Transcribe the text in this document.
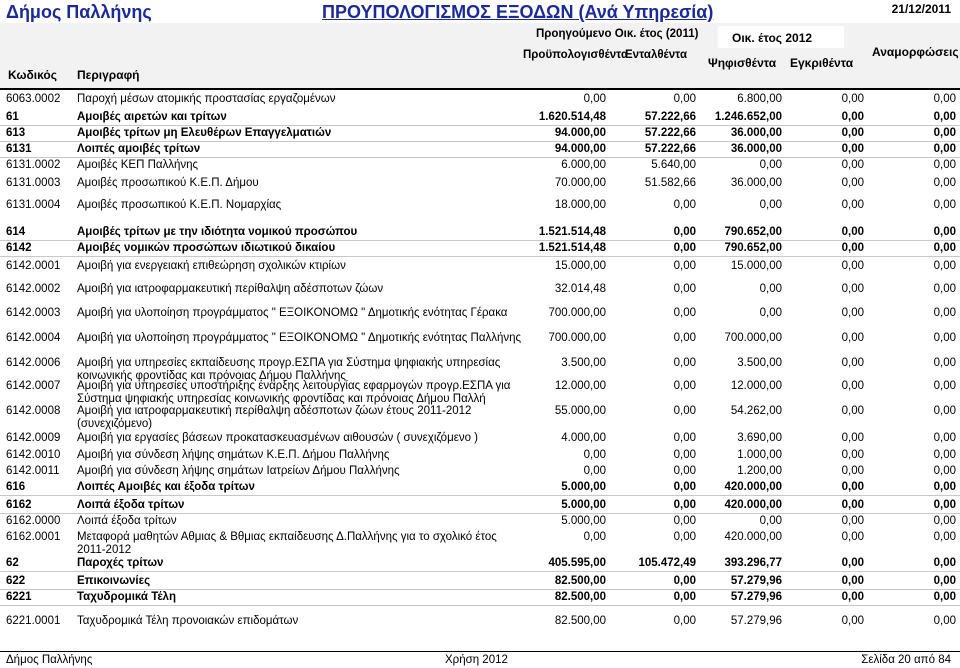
Δήμος Παλλήνης	ΠΡΟΥΠΟΛΟΓΙΣΜΟΣ ΕΞΟΔΩΝ (Ανά Υπηρεσία)	21/12/2011
Προηγούμενο Οικ. έτος (2011)	Οικ. έτος 2012
Κωδικός Περιγραφή
Προϋπολογισθέντα
Ενταλθέντα
Ψηφισθέντα Εγκριθέντα
Αναμορφώσεις
6063.0002 Παροχή μέσων ατομικής προστασίας εργαζομένων	0,00	0,00	6.800,00	0,00	0,00
61	Αμοιβές αιρετών και τρίτων	1.620.514,48	57.222,66	1.246.652,00	0,00	0,00
613	Αμοιβές τρίτων μη Ελευθέρων Επαγγελματιών	94.000,00	57.222,66	36.000,00	0,00	0,00
6131	Λοιπές αμοιβές τρίτων	94.000,00	57.222,66	36.000,00	0,00	0,00
6131.0002 Αμοιβές ΚΕΠ Παλλήνης	6.000,00	5.640,00	0,00	0,00	0,00
6131.0003 Αμοιβές προσωπικού Κ.Ε.Π. Δήμου	70.000,00	51.582,66	36.000,00	0,00	0,00
6131.0004 Αμοιβές προσωπικού Κ.Ε.Π. Νομαρχίας	18.000,00	0,00	0,00	0,00	0,00
614	Αμοιβές τρίτων με την ιδιότητα νομικού προσώπου	1.521.514,48	0,00	790.652,00	0,00	0,00
6142	Αμοιβές νομικών προσώπων ιδιωτικού δικαίου	1.521.514,48	0,00	790.652,00	0,00	0,00
6142.0001 Αμοιβή για ενεργειακή επιθεώρηση σχολικών κτιρίων	15.000,00	0,00	15.000,00	0,00	0,00
6142.0002 Αμοιβή για ιατροφαρμακευτική περίθαλψη αδέσποτων ζώων	32.014,48	0,00	0,00	0,00	0,00
6142.0003 Αμοιβή για υλοποίηση προγράμματος " ΕΞΟΙΚΟΝΟΜΩ " Δημοτικής ενότητας Γέρακα	700.000,00	0,00	0,00	0,00	0,00
6142.0004 Αμοιβή για υλοποίηση προγράμματος " ΕΞΟΙΚΟΝΟΜΩ " Δημοτικής ενότητας Παλλήνης	700.000,00	0,00	700.000,00	0,00	0,00
6142.0006 Αμοιβή για υπηρεσίες εκπαίδευσης προγρ.ΕΣΠΑ για Σύστημα ψηφιακής υπηρεσίας
κοινωνικής φροντίδας και πρόνοιας Δήμου Παλλήνης
3.500,00	0,00	3.500,00	0,00	0,00
6142.0007 Αμοιβή για υπηρεσίες υποστήριξης έναρξης λειτουργίας εφαρμογών προγρ.ΕΣΠΑ για
Σύστημα ψηφιακής υπηρεσίας κοινωνικής φροντίδας και πρόνοιας Δήμου Παλλή
12.000,00	0,00	12.000,00	0,00	0,00
6142.0008 Αμοιβή για ιατροφαρμακευτική περίθαλψη αδέσποτων ζώων έτους 2011-2012
(συνεχιζόμενο)
55.000,00	0,00	54.262,00	0,00	0,00
6142.0009 Αμοιβή για εργασίες βάσεων προκατασκευασμένων αιθουσών ( συνεχιζόμενο )	4.000,00	0,00	3.690,00	0,00	0,00
6142.0010 Αμοιβή για σύνδεση λήψης σημάτων Κ.Ε.Π. Δήμου Παλλήνης	0,00	0,00	1.000,00	0,00	0,00
6142.0011 Αμοιβή για σύνδεση λήψης σημάτων Ιατρείων Δήμου Παλλήνης	0,00	0,00	1.200,00	0,00	0,00
616	Λοιπές Αμοιβές και έξοδα τρίτων	5.000,00	0,00	420.000,00	0,00	0,00
6162	Λοιπά έξοδα τρίτων	5.000,00	0,00	420.000,00	0,00	0,00
6162.0000 Λοιπά έξοδα τρίτων	5.000,00	0,00	0,00	0,00	0,00
6162.0001 Μεταφορά μαθητών Αθμιας & Βθμιας εκπαίδευσης Δ.Παλλήνης για το σχολικό έτος
2011-2012
0,00	0,00	420.000,00	0,00	0,00
62	Παροχές τρίτων	405.595,00	105.472,49	393.296,77	0,00	0,00
622	Επικοινωνίες	82.500,00	0,00	57.279,96	0,00	0,00
6221	Ταχυδρομικά Τέλη	82.500,00	0,00	57.279,96	0,00	0,00
6221.0001 Ταχυδρομικά Τέλη προνοιακών επιδομάτων	82.500,00	0,00	57.279,96	0,00	0,00
Δήμος Παλλήνης	Χρήση 2012	Σελίδα 20 από 84
